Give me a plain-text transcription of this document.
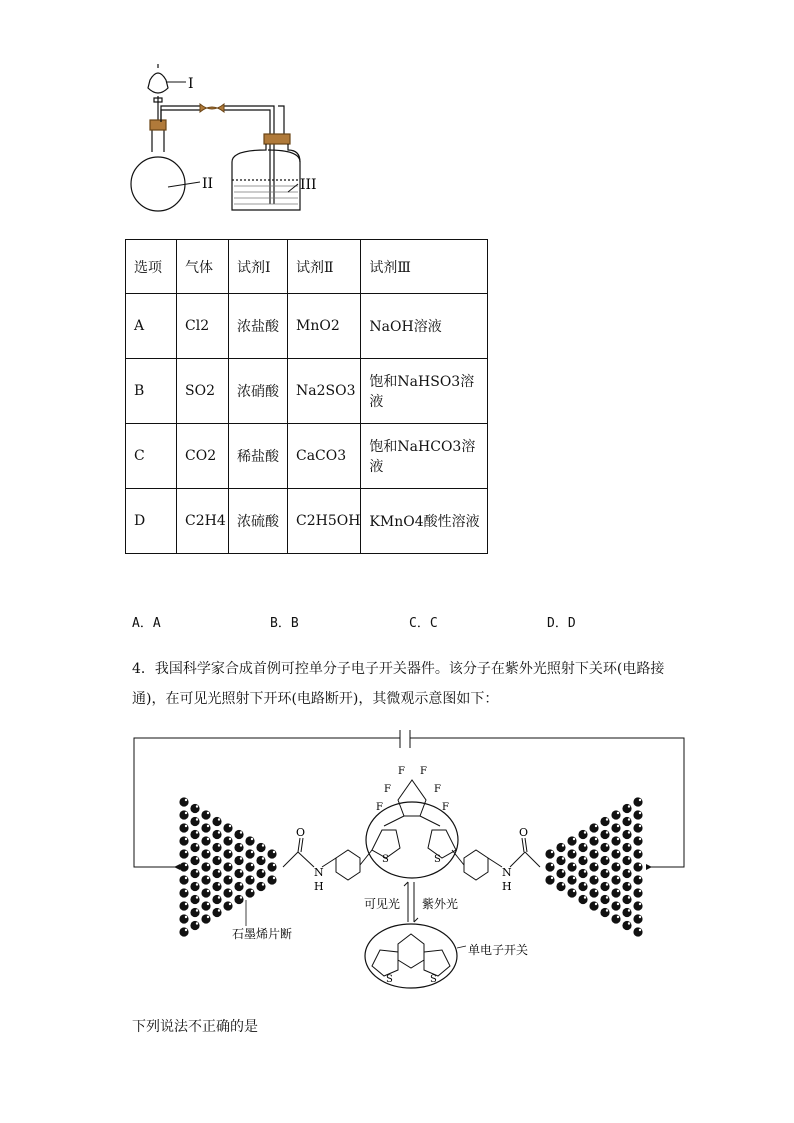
I
II	III
选项	气体	试剂Ⅰ	试剂Ⅱ	试剂Ⅲ
A	Cl2	浓盐酸	MnO2	NaOH溶液
B	SO2	浓硝酸	Na2SO3	饱和NaHSO3溶液
C	CO2	稀盐酸	CaCO3	饱和NaHCO3溶液
D	C2H4	浓硫酸	C2H5OH	KMnO4酸性溶液
A．A	B．B	C．C	D．D
4．我国科学家合成首例可控单分子电子开关器件。该分子在紫外光照射下关环(电路接通)，在可见光照射下开环(电路断开)，其微观示意图如下：
石墨烯片断
O
N
H
O
N
H
F F
F	F
F	F
S	S
可见光 紫外光
S	S
单电子开关
下列说法不正确的是
